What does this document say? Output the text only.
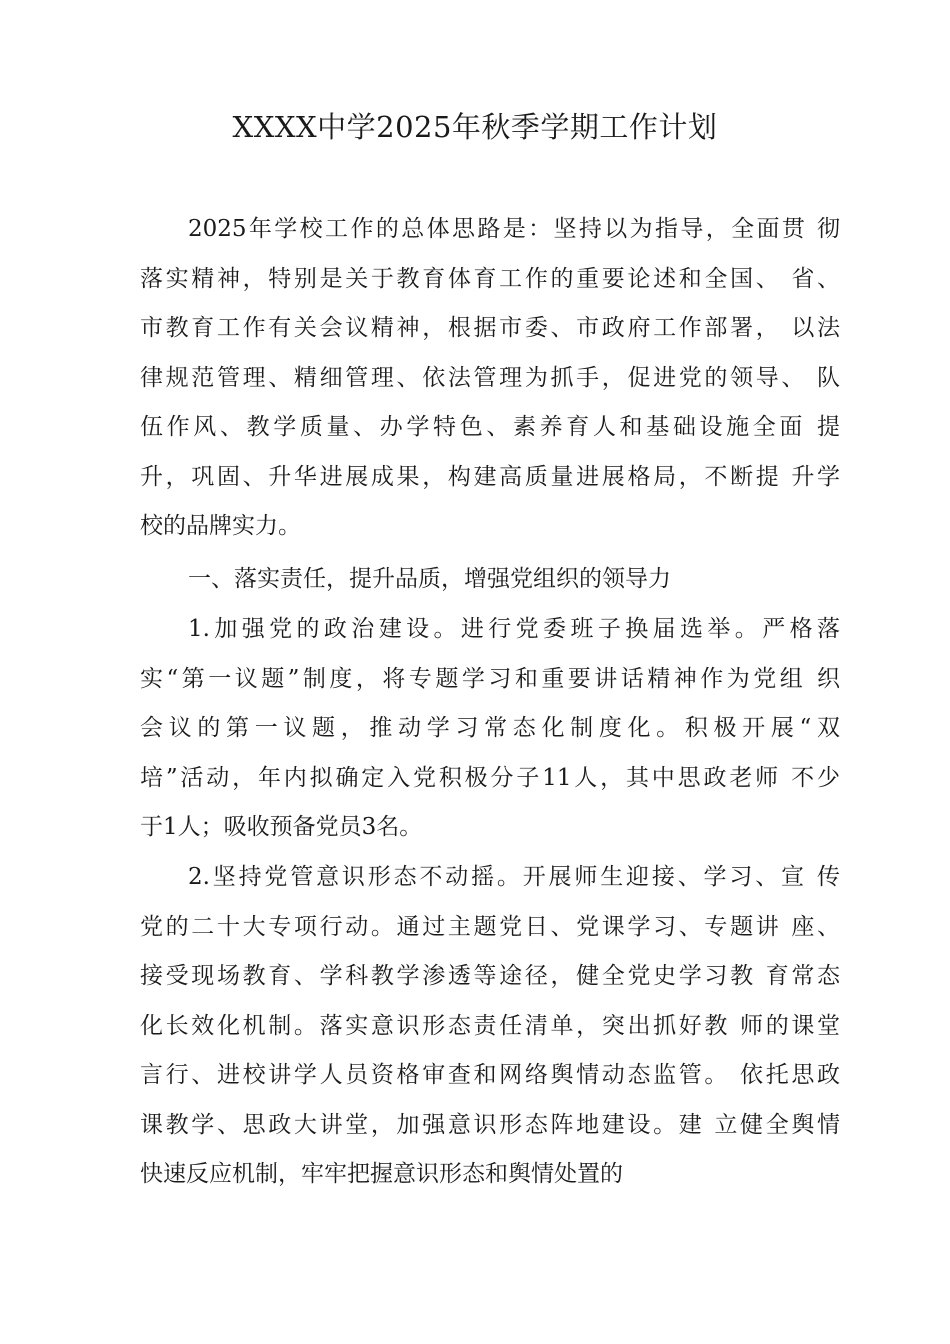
XXXX中学2025年秋季学期工作计划
2025年学校工作的总体思路是：坚持以为指导，全面贯 彻
落实精神，特别是关于教育体育工作的重要论述和全国、 省、
市教育工作有关会议精神，根据市委、市政府工作部署， 以法
律规范管理、精细管理、依法管理为抓手，促进党的领导、 队
伍作风、教学质量、办学特色、素养育人和基础设施全面 提
升，巩固、升华进展成果，构建高质量进展格局，不断提 升学
校的品牌实力。
一、落实责任，提升品质，增强党组织的领导力
1.加强党的政治建设。进行党委班子换届选举。严格落
实“第一议题”制度，将专题学习和重要讲话精神作为党组 织
会议的第一议题，推动学习常态化制度化。积极开展“双
培”活动，年内拟确定入党积极分子11人，其中思政老师 不少
于1人；吸收预备党员3名。
2.坚持党管意识形态不动摇。开展师生迎接、学习、宣 传
党的二十大专项行动。通过主题党日、党课学习、专题讲 座、
接受现场教育、学科教学渗透等途径，健全党史学习教 育常态
化长效化机制。落实意识形态责任清单，突出抓好教 师的课堂
言行、进校讲学人员资格审查和网络舆情动态监管。 依托思政
课教学、思政大讲堂，加强意识形态阵地建设。建 立健全舆情
快速反应机制，牢牢把握意识形态和舆情处置的
